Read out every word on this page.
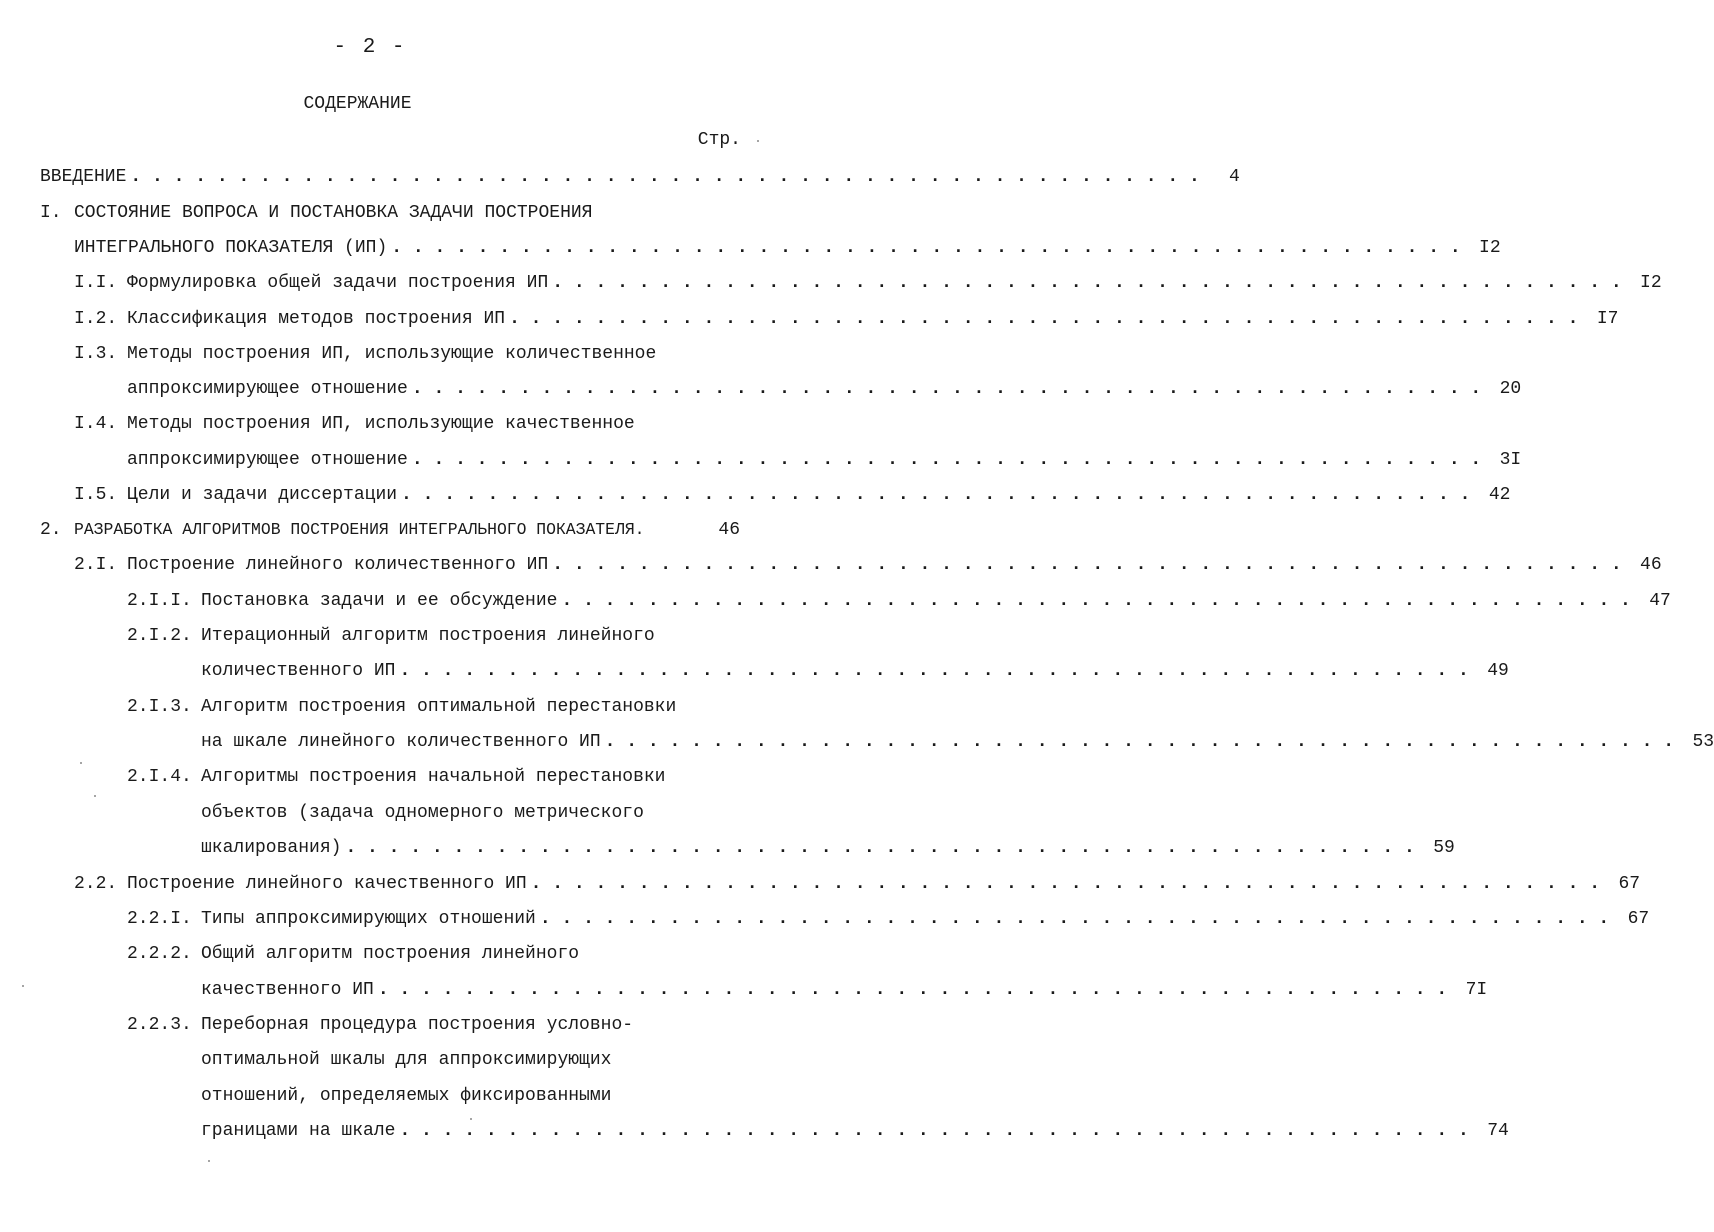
- 2 -
СОДЕРЖАНИЕ
Стр.
ВВЕДЕНИЕ . . . . . . . . . . . . . . . . . . . . . . . . . . . . . . . . . . . . . . . . . . . . . . . . . .	4
I. СОСТОЯНИЕ ВОПРОСА И ПОСТАНОВКА ЗАДАЧИ ПОСТРОЕНИЯ
ИНТЕГРАЛЬНОГО ПОКАЗАТЕЛЯ (ИП) . . . . . . . . . . . . . . . . . . . . . . . . . . . . . . . . . . . . . . . . . . . . . . . . . .	I2
I.I. Формулировка общей задачи построения ИП . . . . . . . . . . . . . . . . . . . . . . . . . . . . . . . . . . . . . . . . . . . . . . . . . .	I2
I.2. Классификация методов построения ИП . . . . . . . . . . . . . . . . . . . . . . . . . . . . . . . . . . . . . . . . . . . . . . . . . .	I7
I.3. Методы построения ИП, использующие количественное
аппроксимирующее отношение . . . . . . . . . . . . . . . . . . . . . . . . . . . . . . . . . . . . . . . . . . . . . . . . . .	20
I.4. Методы построения ИП, использующие качественное
аппроксимирующее отношение . . . . . . . . . . . . . . . . . . . . . . . . . . . . . . . . . . . . . . . . . . . . . . . . . .	3I
I.5. Цели и задачи диссертации . . . . . . . . . . . . . . . . . . . . . . . . . . . . . . . . . . . . . . . . . . . . . . . . . .	42
2. РАЗРАБОТКА АЛГОРИТМОВ ПОСТРОЕНИЯ ИНТЕГРАЛЬНОГО ПОКАЗАТЕЛЯ.	46
2.I. Построение линейного количественного ИП . . . . . . . . . . . . . . . . . . . . . . . . . . . . . . . . . . . . . . . . . . . . . . . . . .	46
2.I.I. Постановка задачи и ее обсуждение . . . . . . . . . . . . . . . . . . . . . . . . . . . . . . . . . . . . . . . . . . . . . . . . . .	47
2.I.2. Итерационный алгоритм построения линейного
количественного ИП . . . . . . . . . . . . . . . . . . . . . . . . . . . . . . . . . . . . . . . . . . . . . . . . . .	49
2.I.3. Алгоритм построения оптимальной перестановки
на шкале линейного количественного ИП . . . . . . . . . . . . . . . . . . . . . . . . . . . . . . . . . . . . . . . . . . . . . . . . . .	53
2.I.4. Алгоритмы построения начальной перестановки
объектов (задача одномерного метрического
шкалирования) . . . . . . . . . . . . . . . . . . . . . . . . . . . . . . . . . . . . . . . . . . . . . . . . . .	59
2.2. Построение линейного качественного ИП . . . . . . . . . . . . . . . . . . . . . . . . . . . . . . . . . . . . . . . . . . . . . . . . . .	67
2.2.I. Типы аппроксимирующих отношений . . . . . . . . . . . . . . . . . . . . . . . . . . . . . . . . . . . . . . . . . . . . . . . . . .	67
2.2.2. Общий алгоритм построения линейного
качественного ИП . . . . . . . . . . . . . . . . . . . . . . . . . . . . . . . . . . . . . . . . . . . . . . . . . .	7I
2.2.3. Переборная процедура построения условно-
оптимальной шкалы для аппроксимирующих
отношений, определяемых фиксированными
границами на шкале . . . . . . . . . . . . . . . . . . . . . . . . . . . . . . . . . . . . . . . . . . . . . . . . . .	74
